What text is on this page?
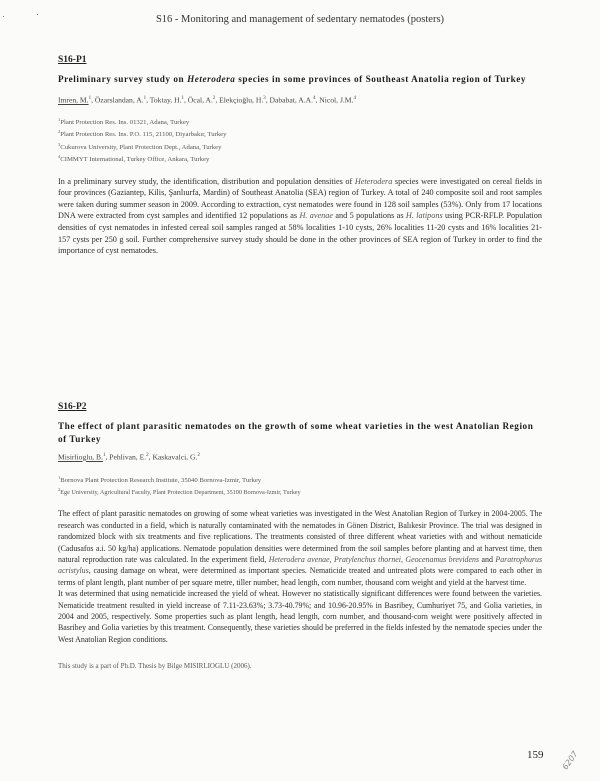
S16 - Monitoring and management of sedentary nematodes (posters)
S16-P1
Preliminary survey study on Heterodera species in some provinces of Southeast Anatolia region of Turkey
Imren, M.$^1$, Özarslandan, A.$^1$, Toktay, H.$^1$, Öcal, A.$^2$, Elekçioğlu, H.$^3$, Dababat, A.A.$^4$, Nicol, J.M.$^4$
$^1$Plant Protection Res. Ins. 01321, Adana, Turkey
$^2$Plant Protection Res. Ins. P.O. 115, 21100, Diyarbakır, Turkey
$^3$Cukurova University, Plant Protection Dept., Adana, Turkey
$^4$CIMMYT International, Turkey Office, Ankara, Turkey

In a preliminary survey study, the identification, distribution and population densities of Heterodera species were investigated on cereal fields in four provinces (Gaziantep, Kilis, Şanlıurfa, Mardin) of Southeast Anatolia (SEA) region of Turkey. A total of 240 composite soil and root samples were taken during summer season in 2009. According to extraction, cyst nematodes were found in 128 soil samples (53%). Only from 17 locations DNA were extracted from cyst samples and identified 12 populations as H. avenae and 5 populations as H. latipons using PCR-RFLP. Population densities of cyst nematodes in infested cereal soil samples ranged at 58% localities 1-10 cysts, 26% localities 11-20 cysts and 16% localities 21-157 cysts per 250 g soil. Further comprehensive survey study should be done in the other provinces of SEA region of Turkey in order to find the importance of cyst nematodes.

S16-P2
The effect of plant parasitic nematodes on the growth of some wheat varieties in the west Anatolian Region of Turkey
Misirlioglu, B.$^1$, Pehlivan, E.$^2$, Kaskavalci, G.$^2$
$^1$Bornova Plant Protection Research Institute, 35040 Bornova-Izmir, Turkey
$^2$Ege University, Agricultural Faculty, Plant Protection Department, 35100 Bornova-Izmir, Turkey

The effect of plant parasitic nematodes on growing of some wheat varieties was investigated in the West Anatolian Region of Turkey in 2004-2005. The research was conducted in a field, which is naturally contaminated with the nematodes in Gönen District, Balıkesir Province. The trial was designed in randomized block with six treatments and five replications. The treatments consisted of three different wheat varieties with and without nematicide (Cadusafos a.i. 50 kg/ha) applications. Nematode population densities were determined from the soil samples before planting and at harvest time, then natural reproduction rate was calculated. In the experiment field, Heterodera avenae, Pratylenchus thornei, Geocenamus brevidens and Paratrophurus acristylus, causing damage on wheat, were determined as important species. Nematicide treated and untreated plots were compared to each other in terms of plant length, plant number of per square metre, tiller number, head length, corn number, thousand corn weight and yield at the harvest time.

It was determined that using nematicide increased the yield of wheat. However no statistically significant differences were found between the varieties. Nematicide treatment resulted in yield increase of 7.11-23.63%; 3.73-40.79%; and 10.96-20.95% in Basribey, Cumhuriyet 75, and Golia varieties, in 2004 and 2005, respectively. Some properties such as plant length, head length, corn number, and thousand-corn weight were positively affected in Basribey and Golia varieties by this treatment. Consequently, these varieties should be preferred in the fields infested by the nematode species under the West Anatolian Region conditions.

This study is a part of Ph.D. Thesis by Bilge MISIRLIOGLU (2006).
159 6207
